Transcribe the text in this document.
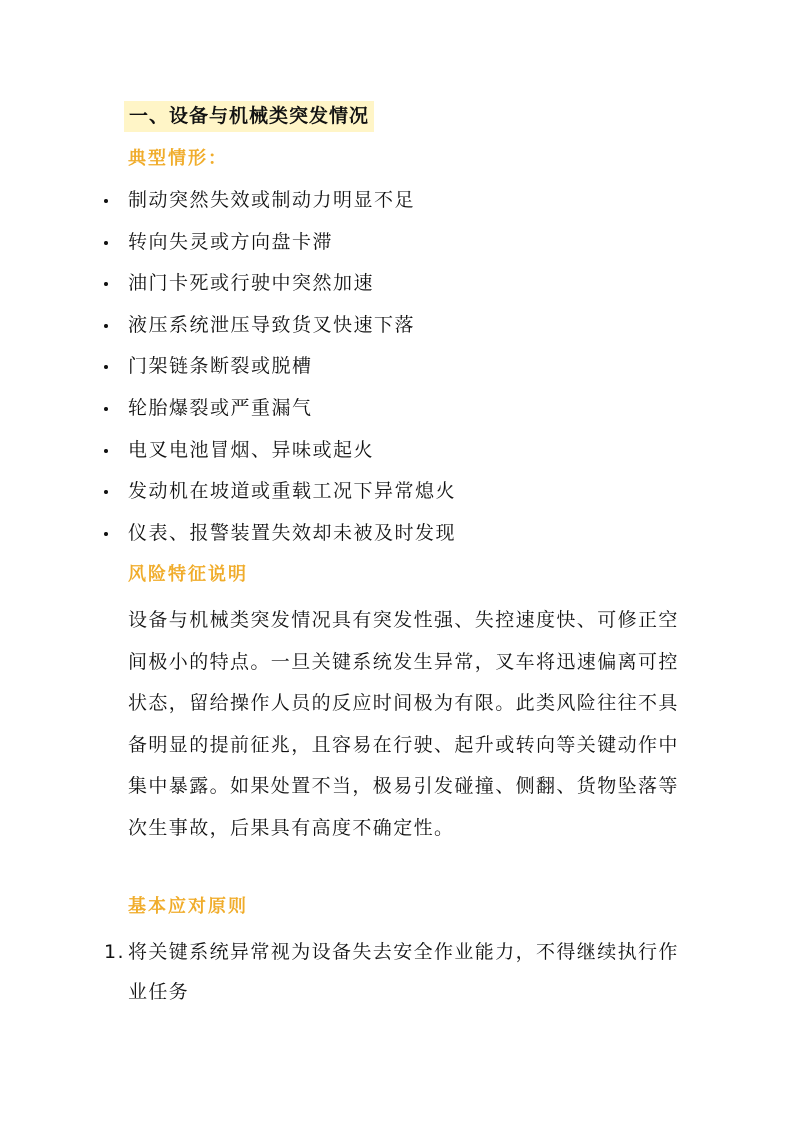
一、设备与机械类突发情况
典型情形：
制动突然失效或制动力明显不足
转向失灵或方向盘卡滞
油门卡死或行驶中突然加速
液压系统泄压导致货叉快速下落
门架链条断裂或脱槽
轮胎爆裂或严重漏气
电叉电池冒烟、异味或起火
发动机在坡道或重载工况下异常熄火
仪表、报警装置失效却未被及时发现
风险特征说明

设备与机械类突发情况具有突发性强、失控速度快、可修正空间极小的特点。一旦关键系统发生异常，叉车将迅速偏离可控状态，留给操作人员的反应时间极为有限。此类风险往往不具备明显的提前征兆，且容易在行驶、起升或转向等关键动作中集中暴露。如果处置不当，极易引发碰撞、侧翻、货物坠落等次生事故，后果具有高度不确定性。

基本应对原则
1. 将关键系统异常视为设备失去安全作业能力，不得继续执行作业任务
